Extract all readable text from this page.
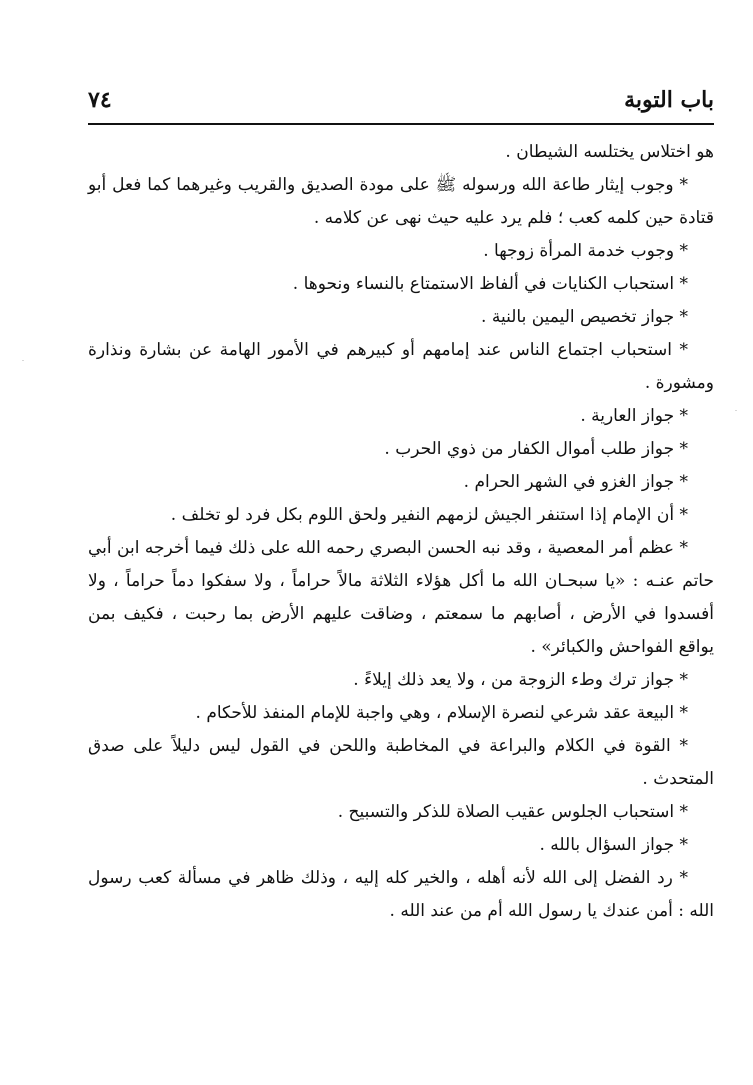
باب التوبة
٧٤

هو اختلاس يختلسه الشيطان .

* وجوب إيثار طاعة الله ورسوله ﷺ على مودة الصديق والقريب وغيرهما كما فعل أبو قتادة حين كلمه كعب ؛ فلم يرد عليه حيث نهى عن كلامه .

* وجوب خدمة المرأة زوجها .

* استحباب الكنايات في ألفاظ الاستمتاع بالنساء ونحوها .

* جواز تخصيص اليمين بالنية .

* استحباب اجتماع الناس عند إمامهم أو كبيرهم في الأمور الهامة عن بشارة ونذارة ومشورة .

* جواز العارية .

* جواز طلب أموال الكفار من ذوي الحرب .

* جواز الغزو في الشهر الحرام .

* أن الإمام إذا استنفر الجيش لزمهم النفير ولحق اللوم بكل فرد لو تخلف .

* عظم أمر المعصية ، وقد نبه الحسن البصري رحمه الله على ذلك فيما أخرجه ابن أبي حاتم عنـه : «يا سبحـان الله ما أكل هؤلاء الثلاثة مالاً حراماً ، ولا سفكوا دماً حراماً ، ولا أفسدوا في الأرض ، أصابهم ما سمعتم ، وضاقت عليهم الأرض بما رحبت ، فكيف بمن يواقع الفواحش والكبائر» .

* جواز ترك وطء الزوجة من ، ولا يعد ذلك إيلاءً .

* البيعة عقد شرعي لنصرة الإسلام ، وهي واجبة للإمام المنفذ للأحكام .

* القوة في الكلام والبراعة في المخاطبة واللحن في القول ليس دليلاً على صدق المتحدث .

* استحباب الجلوس عقيب الصلاة للذكر والتسبيح .

* جواز السؤال بالله .

* رد الفضل إلى الله لأنه أهله ، والخير كله إليه ، وذلك ظاهر في مسألة كعب رسول الله : أمن عندك يا رسول الله أم من عند الله .
